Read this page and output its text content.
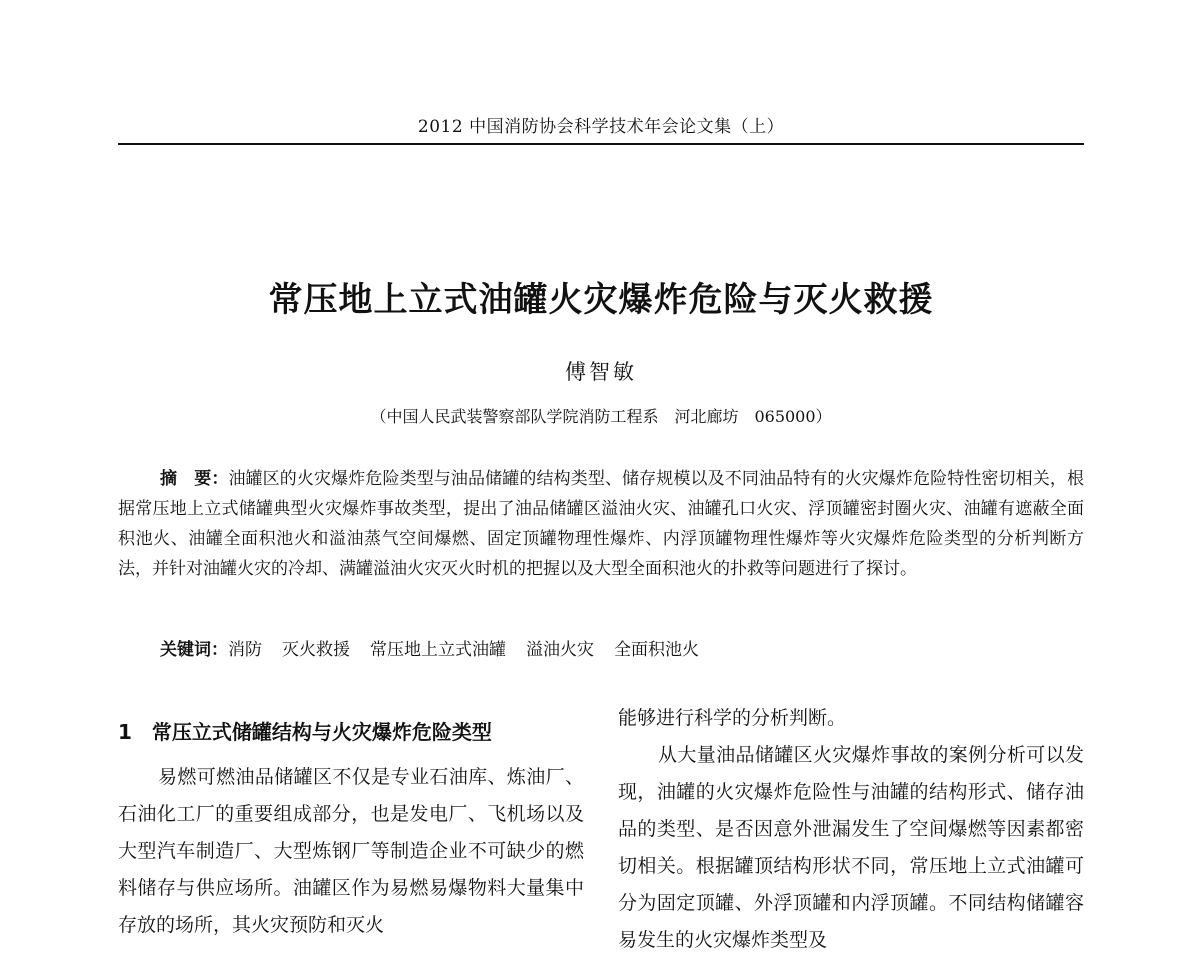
2012 中国消防协会科学技术年会论文集（上）
常压地上立式油罐火灾爆炸危险与灭火救援
傅智敏
（中国人民武装警察部队学院消防工程系　河北廊坊　065000）

摘　要：油罐区的火灾爆炸危险类型与油品储罐的结构类型、储存规模以及不同油品特有的火灾爆炸危险特性密切相关，根据常压地上立式储罐典型火灾爆炸事故类型，提出了油品储罐区溢油火灾、油罐孔口火灾、浮顶罐密封圈火灾、油罐有遮蔽全面积池火、油罐全面积池火和溢油蒸气空间爆燃、固定顶罐物理性爆炸、内浮顶罐物理性爆炸等火灾爆炸危险类型的分析判断方法，并针对油罐火灾的冷却、满罐溢油火灾灭火时机的把握以及大型全面积池火的扑救等问题进行了探讨。

关键词：消防 灭火救援 常压地上立式油罐 溢油火灾 全面积池火
1 常压立式储罐结构与火灾爆炸危险类型

易燃可燃油品储罐区不仅是专业石油库、炼油厂、石油化工厂的重要组成部分，也是发电厂、飞机场以及大型汽车制造厂、大型炼钢厂等制造企业不可缺少的燃料储存与供应场所。油罐区作为易燃易爆物料大量集中存放的场所，其火灾预防和灭火

能够进行科学的分析判断。

从大量油品储罐区火灾爆炸事故的案例分析可以发现，油罐的火灾爆炸危险性与油罐的结构形式、储存油品的类型、是否因意外泄漏发生了空间爆燃等因素都密切相关。根据罐顶结构形状不同，常压地上立式油罐可分为固定顶罐、外浮顶罐和内浮顶罐。不同结构储罐容易发生的火灾爆炸类型及
